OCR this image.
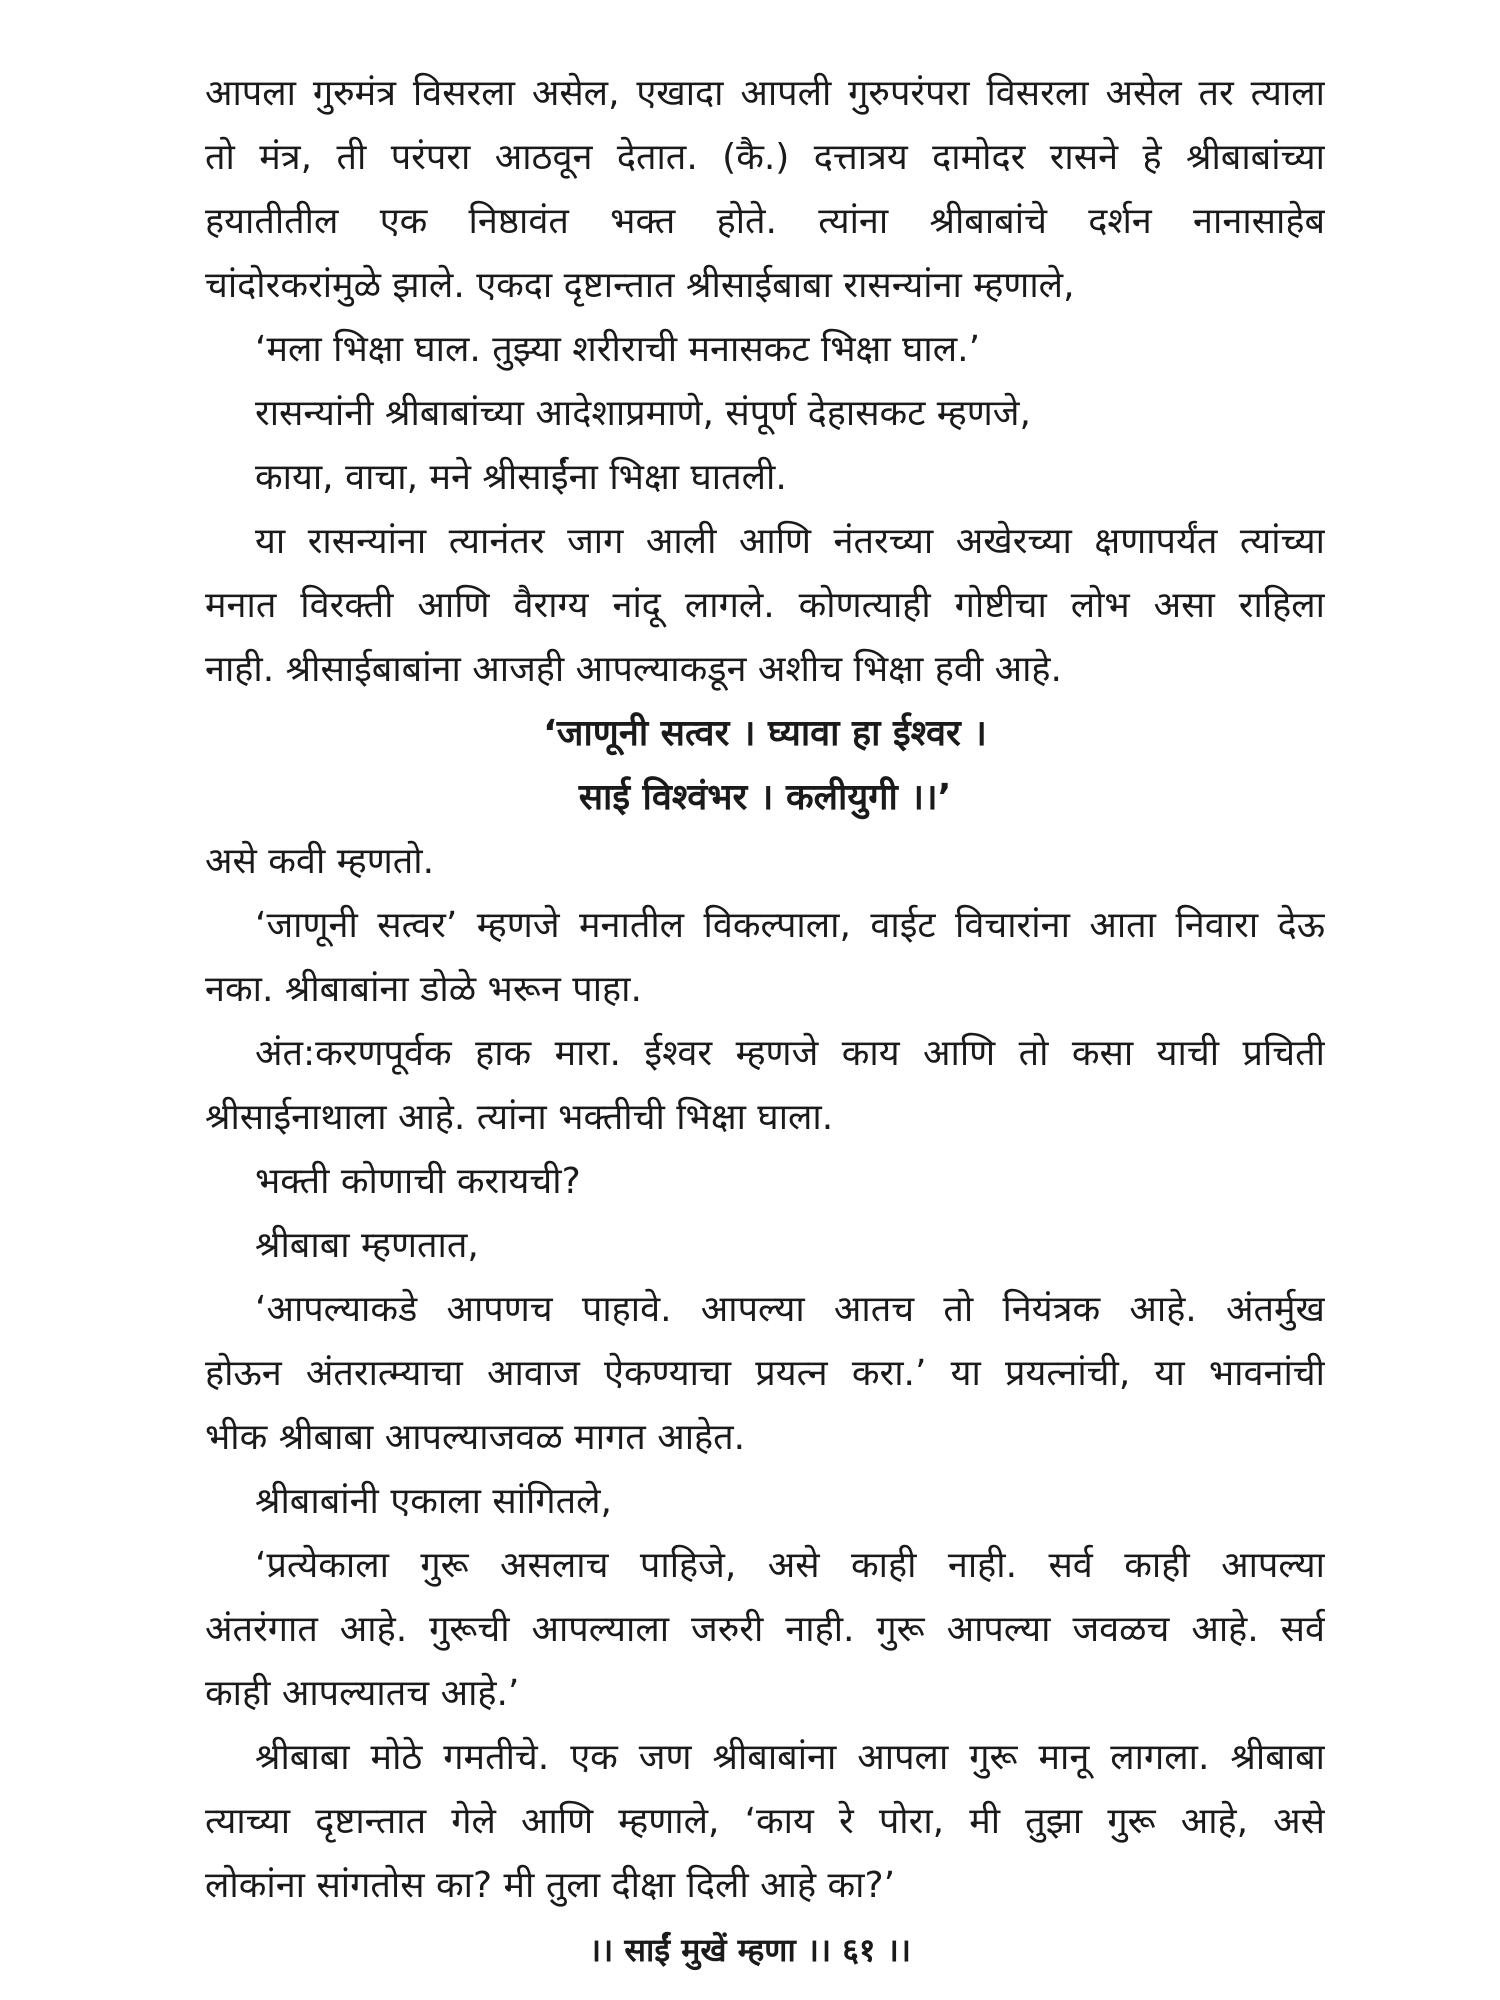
आपला गुरुमंत्र विसरला असेल, एखादा आपली गुरुपरंपरा विसरला असेल तर त्याला
तो मंत्र, ती परंपरा आठवून देतात. (कै.) दत्तात्रय दामोदर रासने हे श्रीबाबांच्या
हयातीतील एक निष्ठावंत भक्त होते. त्यांना श्रीबाबांचे दर्शन नानासाहेब
चांदोरकरांमुळे झाले. एकदा दृष्टान्तात श्रीसाईबाबा रासन्यांना म्हणाले,
‘मला भिक्षा घाल. तुझ्या शरीराची मनासकट भिक्षा घाल.’
रासन्यांनी श्रीबाबांच्या आदेशाप्रमाणे, संपूर्ण देहासकट म्हणजे,
काया, वाचा, मने श्रीसाईंना भिक्षा घातली.
या रासन्यांना त्यानंतर जाग आली आणि नंतरच्या अखेरच्या क्षणापर्यंत त्यांच्या
मनात विरक्ती आणि वैराग्य नांदू लागले. कोणत्याही गोष्टीचा लोभ असा राहिला
नाही. श्रीसाईबाबांना आजही आपल्याकडून अशीच भिक्षा हवी आहे.
‘जाणूनी सत्वर । घ्यावा हा ईश्वर ।
साई विश्वंभर । कलीयुगी ।।’
असे कवी म्हणतो.
‘जाणूनी सत्वर’ म्हणजे मनातील विकल्पाला, वाईट विचारांना आता निवारा देऊ
नका. श्रीबाबांना डोळे भरून पाहा.
अंत:करणपूर्वक हाक मारा. ईश्वर म्हणजे काय आणि तो कसा याची प्रचिती
श्रीसाईनाथाला आहे. त्यांना भक्तीची भिक्षा घाला.
भक्ती कोणाची करायची?
श्रीबाबा म्हणतात,
‘आपल्याकडे आपणच पाहावे. आपल्या आतच तो नियंत्रक आहे. अंतर्मुख
होऊन अंतरात्म्याचा आवाज ऐकण्याचा प्रयत्न करा.’ या प्रयत्नांची, या भावनांची
भीक श्रीबाबा आपल्याजवळ मागत आहेत.
श्रीबाबांनी एकाला सांगितले,
‘प्रत्येकाला गुरू असलाच पाहिजे, असे काही नाही. सर्व काही आपल्या
अंतरंगात आहे. गुरूची आपल्याला जरुरी नाही. गुरू आपल्या जवळच आहे. सर्व
काही आपल्यातच आहे.’
श्रीबाबा मोठे गमतीचे. एक जण श्रीबाबांना आपला गुरू मानू लागला. श्रीबाबा
त्याच्या दृष्टान्तात गेले आणि म्हणाले, ‘काय रे पोरा, मी तुझा गुरू आहे, असे
लोकांना सांगतोस का? मी तुला दीक्षा दिली आहे का?’
।। साईं मुखें म्हणा ।। ६१ ।।
